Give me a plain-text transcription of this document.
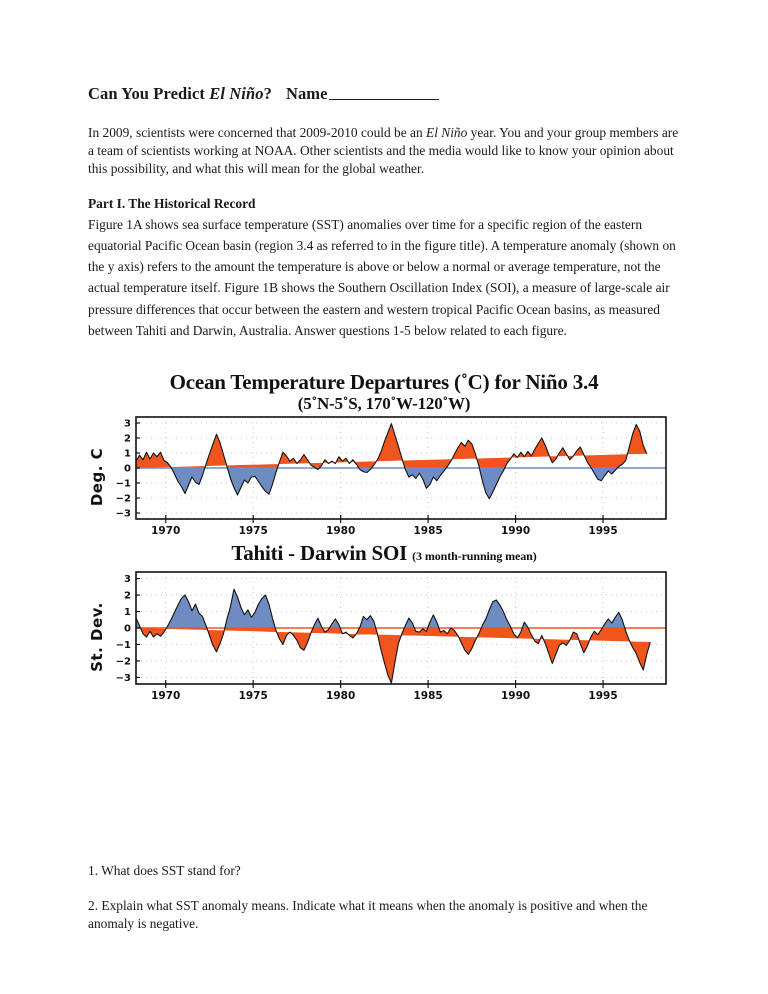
Can You Predict El Niño? Name

In 2009, scientists were concerned that 2009-2010 could be an El Niño year. You and your group members are a team of scientists working at NOAA. Other scientists and the media would like to know your opinion about this possibility, and what this will mean for the global weather.

Part I. The Historical Record

Figure 1A shows sea surface temperature (SST) anomalies over time for a specific region of the eastern equatorial Pacific Ocean basin (region 3.4 as referred to in the figure title). A temperature anomaly (shown on the y axis) refers to the amount the temperature is above or below a normal or average temperature, not the actual temperature itself. Figure 1B shows the Southern Oscillation Index (SOI), a measure of large-scale air pressure differences that occur between the eastern and western tropical Pacific Ocean basins, as measured between Tahiti and Darwin, Australia. Answer questions 1-5 below related to each figure.

Ocean Temperature Departures (˚C) for Niño 3.4
(5˚N-5˚S, 170˚W-120˚W)
Deg. C
3
2
1
0
−1
−2
−3
1970	1975	1980	1985	1990	1995
Tahiti - Darwin SOI (3 month-running mean)
St. Dev.
3
2
1
0
−1
−2
−3
1970	1975	1980	1985	1990	1995

1. What does SST stand for?

2. Explain what SST anomaly means. Indicate what it means when the anomaly is positive and when the anomaly is negative.
